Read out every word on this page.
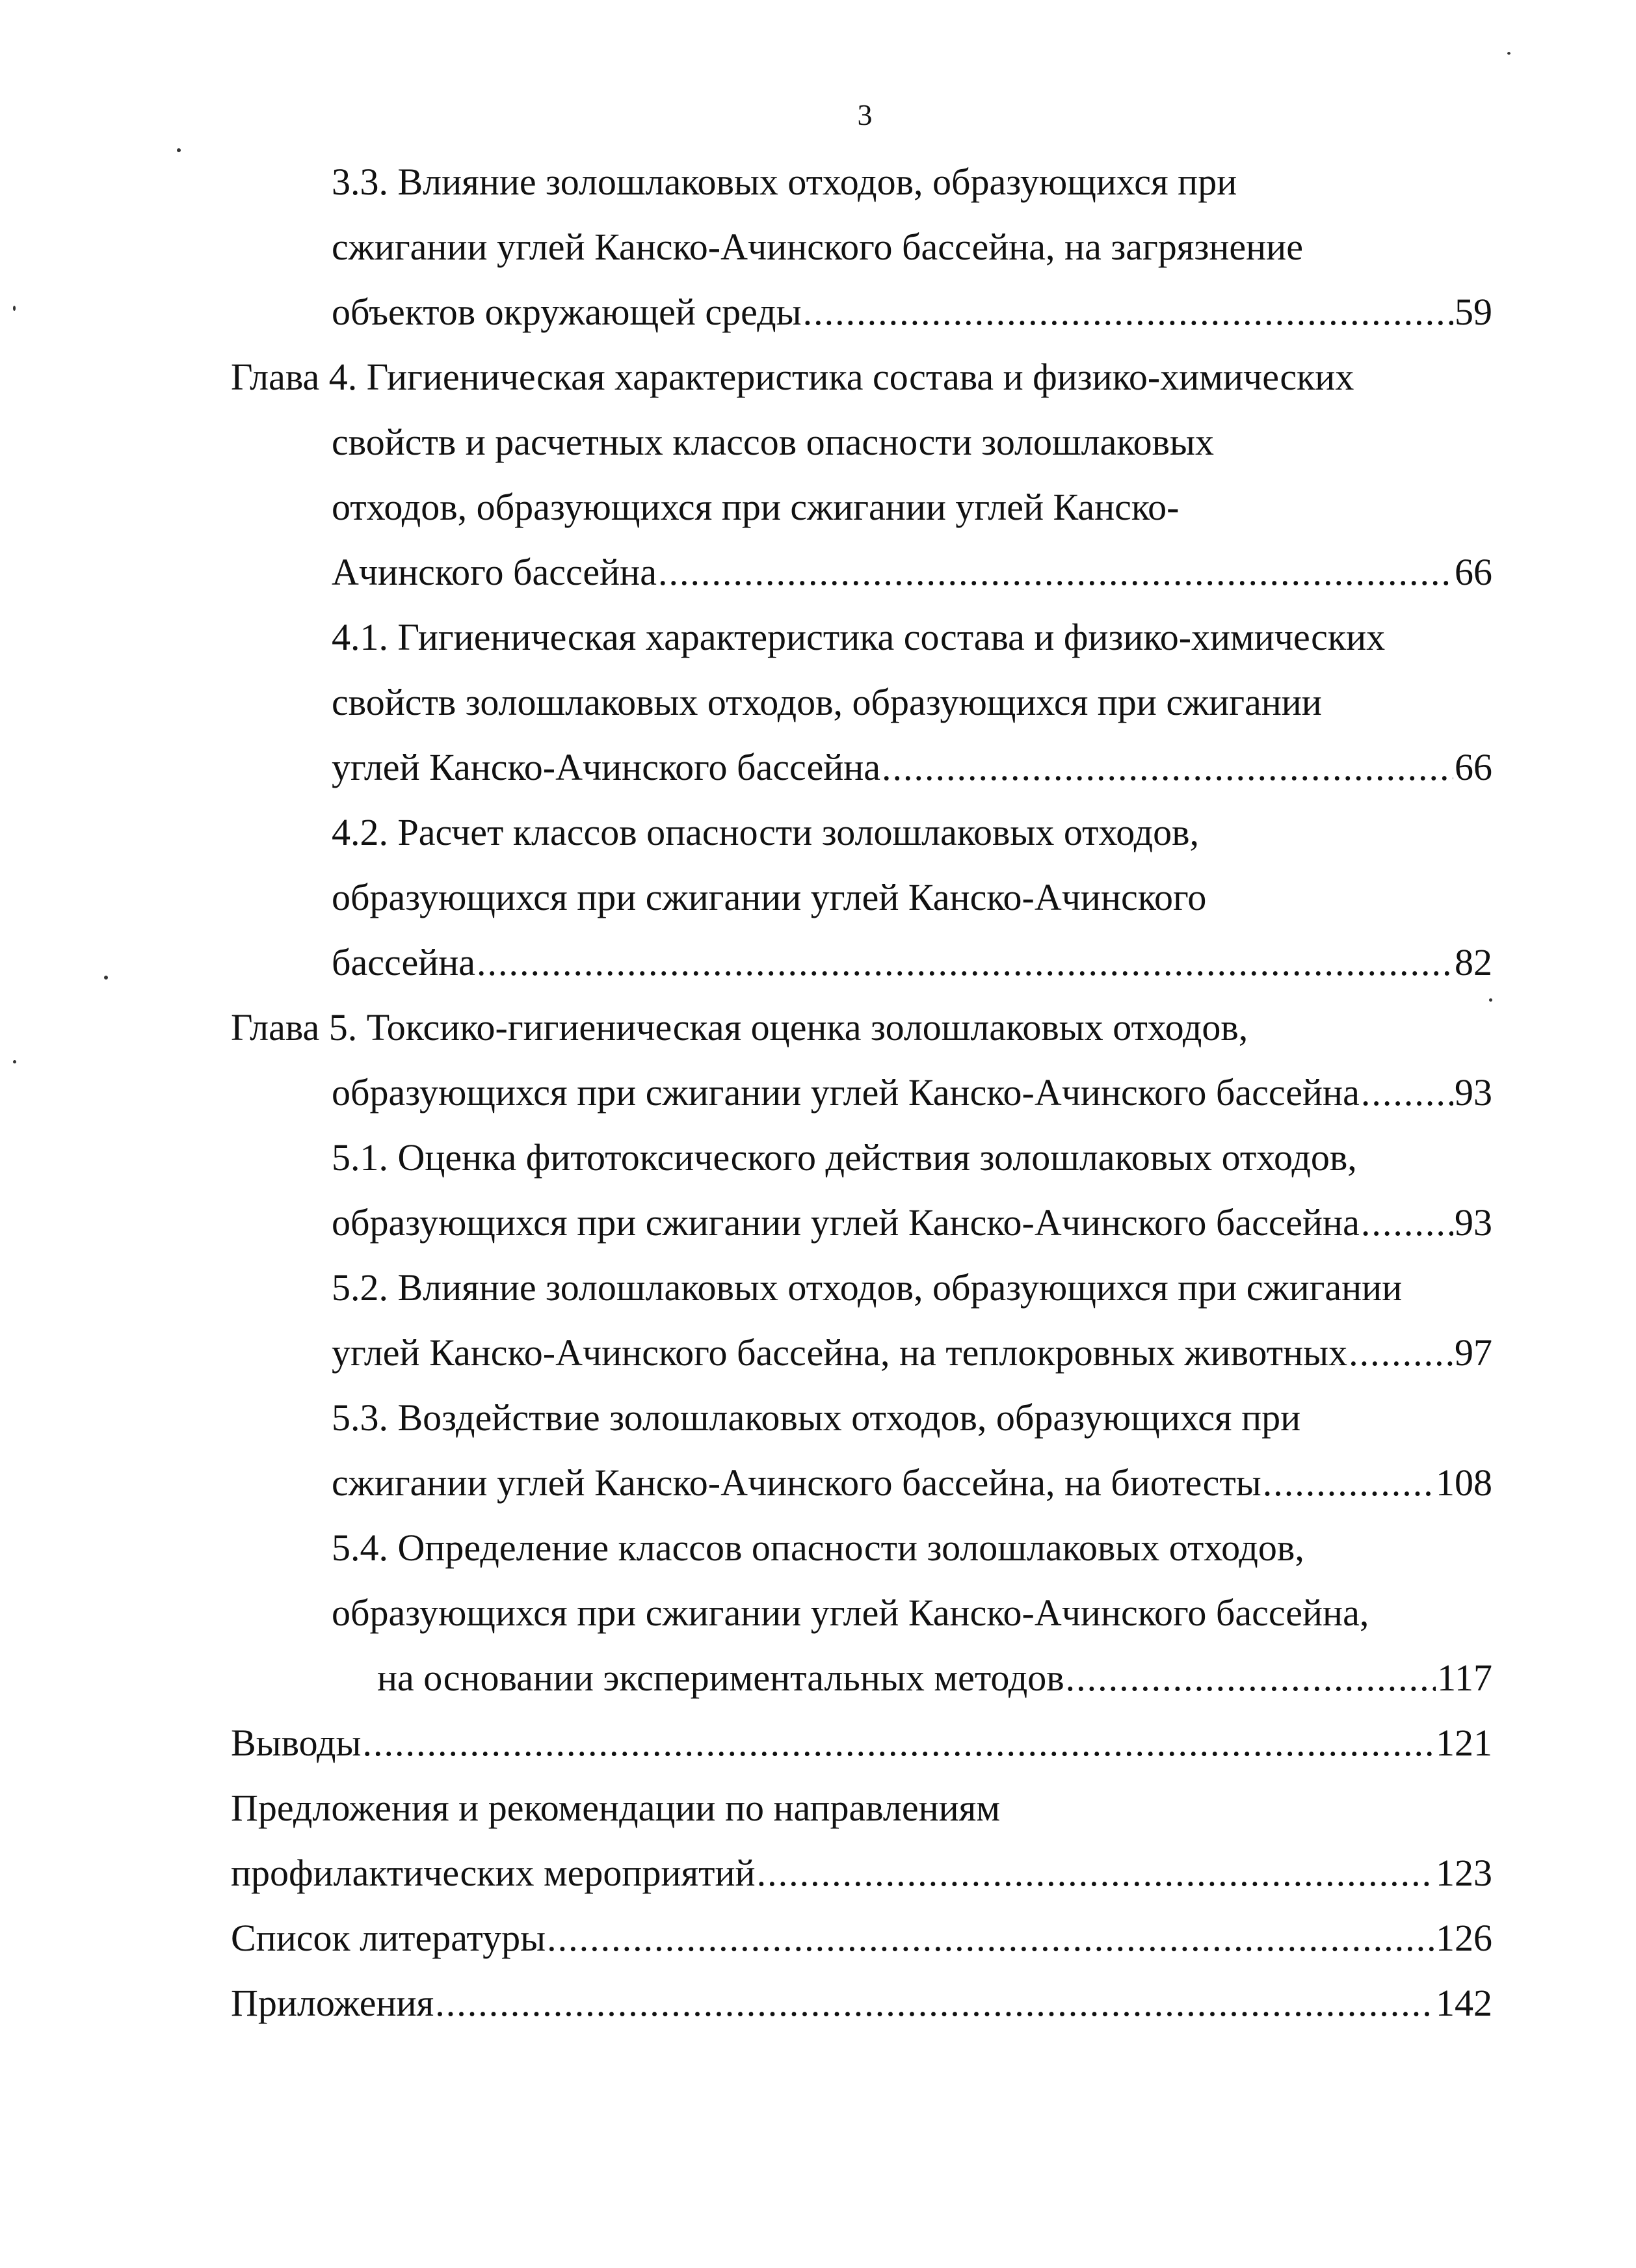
3
3.3. Влияние золошлаковых отходов, образующихся при
сжигании углей Канско-Ачинского бассейна, на загрязнение
объектов окружающей среды .....	59
Глава 4. Гигиеническая характеристика состава и физико-химических
свойств и расчетных классов опасности золошлаковых
отходов, образующихся при сжигании углей Канско-
Ачинского бассейна .....	66
4.1. Гигиеническая характеристика состава и физико-химических
свойств золошлаковых отходов, образующихся при сжигании
углей Канско-Ачинского бассейна .....	66
4.2. Расчет классов опасности золошлаковых отходов,
образующихся при сжигании углей Канско-Ачинского
бассейна .....	82
Глава 5. Токсико-гигиеническая оценка золошлаковых отходов,
образующихся при сжигании углей Канско-Ачинского бассейна .....	93
5.1. Оценка фитотоксического действия золошлаковых отходов,
образующихся при сжигании углей Канско-Ачинского бассейна .....	93
5.2. Влияние золошлаковых отходов, образующихся при сжигании
углей Канско-Ачинского бассейна, на теплокровных животных .....	97
5.3. Воздействие золошлаковых отходов, образующихся при
сжигании углей Канско-Ачинского бассейна, на биотесты .....	108
5.4. Определение классов опасности золошлаковых отходов,
образующихся при сжигании углей Канско-Ачинского бассейна,
на основании экспериментальных методов .....	117
Выводы .....	121
Предложения и рекомендации по направлениям
профилактических мероприятий .....	123
Список литературы .....	126
Приложения .....	142
